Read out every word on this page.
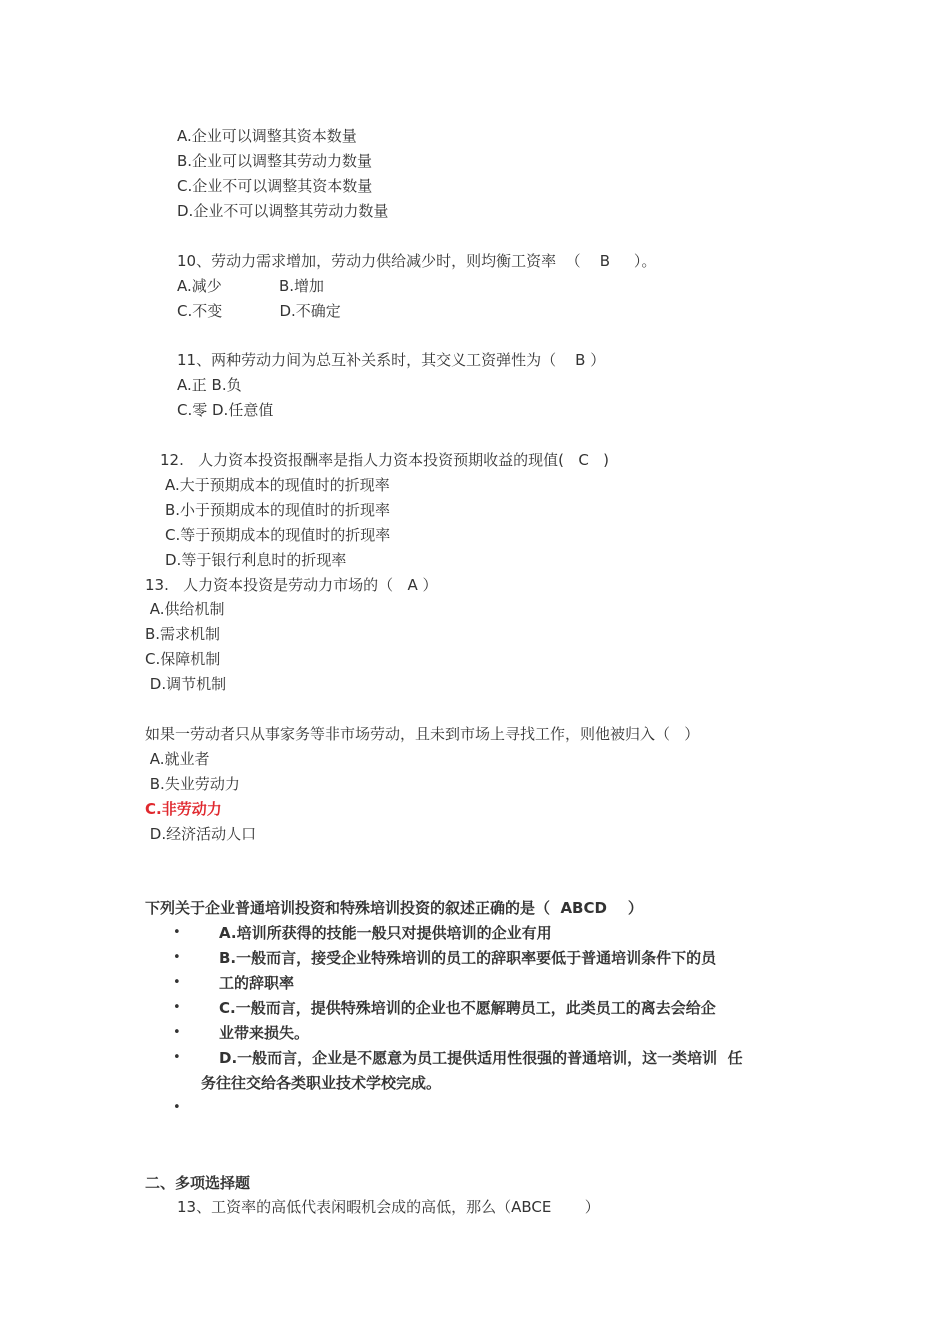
A.企业可以调整其资本数量
B.企业可以调整其劳动力数量
C.企业不可以调整其资本数量
D.企业不可以调整其劳动力数量
10、劳动力需求增加，劳动力供给减少时，则均衡工资率  （    B     ）。
A.减少            B.增加
C.不变            D.不确定
11、两种劳动力间为总互补关系时，其交义工资弹性为（    B ）
A.正 B.负
C.零 D.任意值
12.   人力资本投资报酬率是指人力资本投资预期收益的现值(   C   )
A.大于预期成本的现值时的折现率
B.小于预期成本的现值时的折现率
C.等于预期成本的现值时的折现率
D.等于银行利息时的折现率
13.   人力资本投资是劳动力市场的（   A ）
A.供给机制
B.需求机制
C.保障机制
D.调节机制
如果一劳动者只从事家务等非市场劳动，且未到市场上寻找工作，则他被归入（   ）
A.就业者
B.失业劳动力
C.非劳动力
D.经济活动人口
下列关于企业普通培训投资和特殊培训投资的叙述正确的是（  ABCD    ）
•	A.培训所获得的技能一般只对提供培训的企业有用
•	B.一般而言，接受企业特殊培训的员工的辞职率要低于普通培训条件下的员
•	工的辞职率
•	C.一般而言，提供特殊培训的企业也不愿解聘员工，此类员工的离去会给企
•	业带来损失。
•	D.一般而言，企业是不愿意为员工提供适用性很强的普通培训，这一类培训  任
务往往交给各类职业技术学校完成。
•
二、多项选择题
13、工资率的高低代表闲暇机会成的高低，那么（ABCE       ）
